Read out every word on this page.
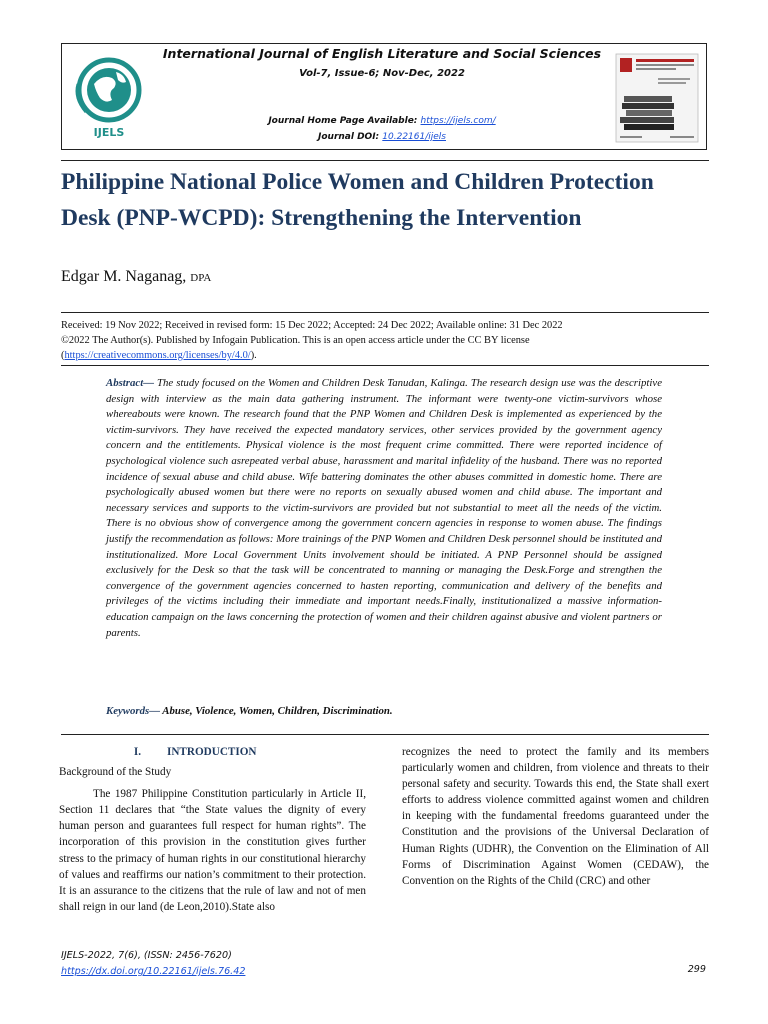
IJELS
International Journal of English Literature and Social Sciences
Vol-7, Issue-6; Nov-Dec, 2022
Journal Home Page Available: https://ijels.com/
Journal DOI: 10.22161/ijels
Philippine National Police Women and Children Protection Desk (PNP-WCPD): Strengthening the Intervention
Edgar M. Naganag, DPA
Received: 19 Nov 2022; Received in revised form: 15 Dec 2022; Accepted: 24 Dec 2022; Available online: 31 Dec 2022
©2022 The Author(s). Published by Infogain Publication. This is an open access article under the CC BY license
(https://creativecommons.org/licenses/by/4.0/).
Abstract— The study focused on the Women and Children Desk Tanudan, Kalinga. The research design use was the descriptive design with interview as the main data gathering instrument. The informant were twenty-one victim-survivors whose whereabouts were known. The research found that the PNP Women and Children Desk is implemented as experienced by the victim-survivors. They have received the expected mandatory services, other services provided by the government agency concern and the entitlements. Physical violence is the most frequent crime committed. There were reported incidence of psychological violence such asrepeated verbal abuse, harassment and marital infidelity of the husband. There was no reported incidence of sexual abuse and child abuse. Wife battering dominates the other abuses committed in domestic home. There are psychologically abused women but there were no reports on sexually abused women and child abuse. The important and necessary services and supports to the victim-survivors are provided but not substantial to meet all the needs of the victim. There is no obvious show of convergence among the government concern agencies in response to women abuse. The findings justify the recommendation as follows: More trainings of the PNP Women and Children Desk personnel should be instituted and institutionalized. More Local Government Units involvement should be initiated. A PNP Personnel should be assigned exclusively for the Desk so that the task will be concentrated to manning or managing the Desk.Forge and strengthen the convergence of the government agencies concerned to hasten reporting, communication and delivery of the benefits and privileges of the victims including their immediate and important needs.Finally, institutionalized a massive information-education campaign on the laws concerning the protection of women and their children against abusive and violent partners or parents.
Keywords— Abuse, Violence, Women, Children, Discrimination.
I.	INTRODUCTION
Background of the Study
The 1987 Philippine Constitution particularly in Article II, Section 11 declares that “the State values the dignity of every human person and guarantees full respect for human rights”. The incorporation of this provision in the constitution gives further stress to the primacy of human rights in our constitutional hierarchy of values and reaffirms our nation’s commitment to their protection. It is an assurance to the citizens that the rule of law and not of men shall reign in our land (de Leon,2010).State also
recognizes the need to protect the family and its members particularly women and children, from violence and threats to their personal safety and security. Towards this end, the State shall exert efforts to address violence committed against women and children in keeping with the fundamental freedoms guaranteed under the Constitution and the provisions of the Universal Declaration of Human Rights (UDHR), the Convention on the Elimination of All Forms of Discrimination Against Women (CEDAW), the Convention on the Rights of the Child (CRC) and other
IJELS-2022, 7(6), (ISSN: 2456-7620)
https://dx.doi.org/10.22161/ijels.76.42	299
